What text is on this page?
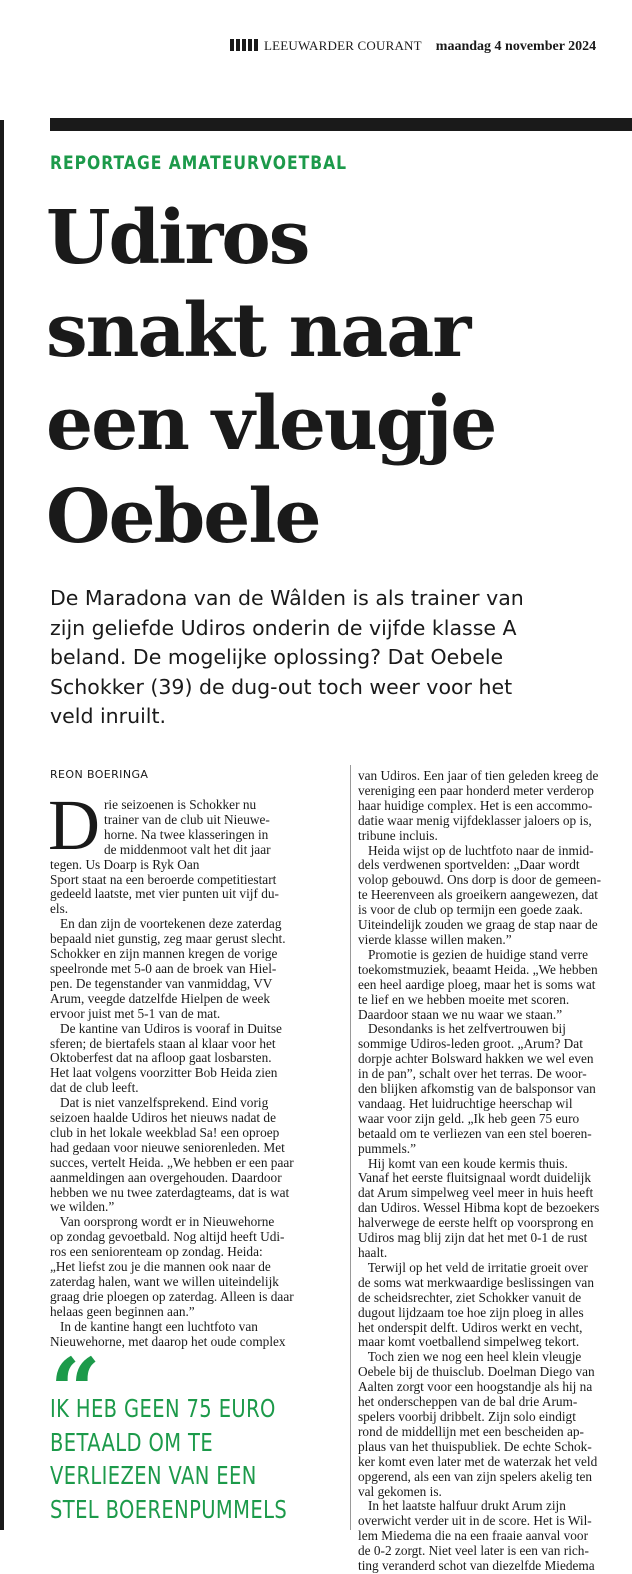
LEEUWARDER COURANT maandag 4 november 2024
REPORTAGE AMATEURVOETBAL
Udiros
snakt naar
een vleugje
Oebele
De Maradona van de Wâlden is als trainer van
zijn geliefde Udiros onderin de vijfde klasse A
beland. De mogelijke oplossing? Dat Oebele
Schokker (39) de dug-out toch weer voor het
veld inruilt.
REON BOERINGA
D rie seizoenen is Schokker nu
trainer van de club uit Nieuwe-
horne. Na twee klasseringen in
de middenmoot valt het dit jaar
tegen. Us Doarp is Ryk Oan
Sport staat na een beroerde competitiestart
gedeeld laatste, met vier punten uit vijf du-
els.
En dan zijn de voortekenen deze zaterdag
bepaald niet gunstig, zeg maar gerust slecht.
Schokker en zijn mannen kregen de vorige
speelronde met 5-0 aan de broek van Hiel-
pen. De tegenstander van vanmiddag, VV
Arum, veegde datzelfde Hielpen de week
ervoor juist met 5-1 van de mat.
De kantine van Udiros is vooraf in Duitse
sferen; de biertafels staan al klaar voor het
Oktoberfest dat na afloop gaat losbarsten.
Het laat volgens voorzitter Bob Heida zien
dat de club leeft.
Dat is niet vanzelfsprekend. Eind vorig
seizoen haalde Udiros het nieuws nadat de
club in het lokale weekblad Sa! een oproep
had gedaan voor nieuwe seniorenleden. Met
succes, vertelt Heida. „We hebben er een paar
aanmeldingen aan overgehouden. Daardoor
hebben we nu twee zaterdagteams, dat is wat
we wilden.”
Van oorsprong wordt er in Nieuwehorne
op zondag gevoetbald. Nog altijd heeft Udi-
ros een seniorenteam op zondag. Heida:
„Het liefst zou je die mannen ook naar de
zaterdag halen, want we willen uiteindelijk
graag drie ploegen op zaterdag. Alleen is daar
helaas geen beginnen aan.”
In de kantine hangt een luchtfoto van
Nieuwehorne, met daarop het oude complex
van Udiros. Een jaar of tien geleden kreeg de
vereniging een paar honderd meter verderop
haar huidige complex. Het is een accommo-
datie waar menig vijfdeklasser jaloers op is,
tribune incluis.
Heida wijst op de luchtfoto naar de inmid-
dels verdwenen sportvelden: „Daar wordt
volop gebouwd. Ons dorp is door de gemeen-
te Heerenveen als groeikern aangewezen, dat
is voor de club op termijn een goede zaak.
Uiteindelijk zouden we graag de stap naar de
vierde klasse willen maken.”
Promotie is gezien de huidige stand verre
toekomstmuziek, beaamt Heida. „We hebben
een heel aardige ploeg, maar het is soms wat
te lief en we hebben moeite met scoren.
Daardoor staan we nu waar we staan.”
Desondanks is het zelfvertrouwen bij
sommige Udiros-leden groot. „Arum? Dat
dorpje achter Bolsward hakken we wel even
in de pan”, schalt over het terras. De woor-
den blijken afkomstig van de balsponsor van
vandaag. Het luidruchtige heerschap wil
waar voor zijn geld. „Ik heb geen 75 euro
betaald om te verliezen van een stel boeren-
pummels.”
Hij komt van een koude kermis thuis.
Vanaf het eerste fluitsignaal wordt duidelijk
dat Arum simpelweg veel meer in huis heeft
dan Udiros. Wessel Hibma kopt de bezoekers
halverwege de eerste helft op voorsprong en
Udiros mag blij zijn dat het met 0-1 de rust
haalt.
Terwijl op het veld de irritatie groeit over
de soms wat merkwaardige beslissingen van
de scheidsrechter, ziet Schokker vanuit de
dugout lijdzaam toe hoe zijn ploeg in alles
het onderspit delft. Udiros werkt en vecht,
maar komt voetballend simpelweg tekort.
Toch zien we nog een heel klein vleugje
Oebele bij de thuisclub. Doelman Diego van
Aalten zorgt voor een hoogstandje als hij na
het onderscheppen van de bal drie Arum-
spelers voorbij dribbelt. Zijn solo eindigt
rond de middellijn met een bescheiden ap-
plaus van het thuispubliek. De echte Schok-
ker komt even later met de waterzak het veld
opgerend, als een van zijn spelers akelig ten
val gekomen is.
In het laatste halfuur drukt Arum zijn
overwicht verder uit in de score. Het is Wil-
lem Miedema die na een fraaie aanval voor
de 0-2 zorgt. Niet veel later is een van rich-
ting veranderd schot van diezelfde Miedema
“
IK HEB GEEN 75 EURO
BETAALD OM TE
VERLIEZEN VAN EEN
STEL BOERENPUMMELS
